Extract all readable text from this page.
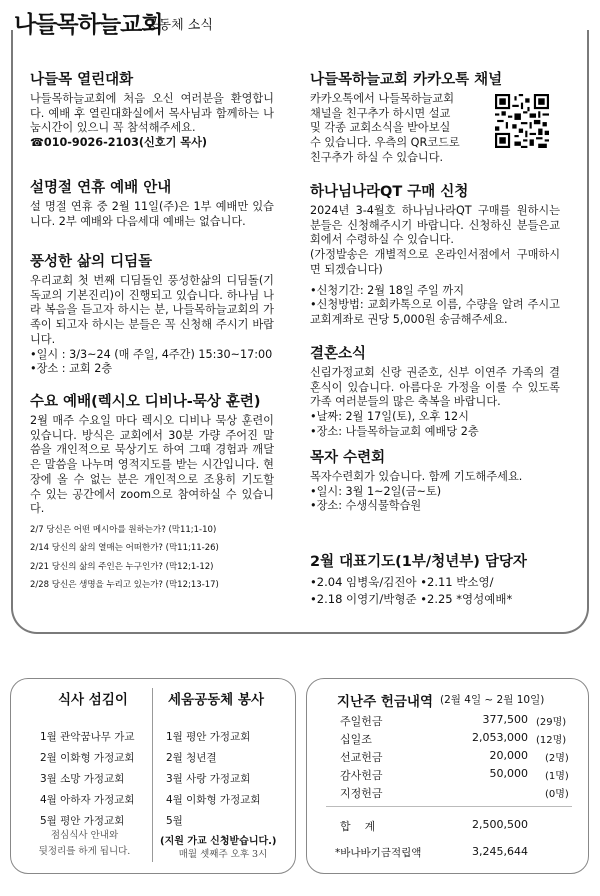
나들목하늘교회
공동체 소식
나들목 열린대화

나들목하늘교회에 처음 오신 여러분을 환영합니다. 예배 후 열린대화실에서 목사님과 함께하는 나눔시간이 있으니 꼭 참석해주세요.

☎010-9026-2103(신호기 목사)

설명절 연휴 예배 안내

설 명절 연휴 중 2월 11일(주)은 1부 예배만 있습니다. 2부 예배와 다음세대 예배는 없습니다.

풍성한 삶의 디딤돌

우리교회 첫 번째 디딤돌인 풍성한삶의 디딤돌(기독교의 기본진리)이 진행되고 있습니다. 하나님 나라 복음을 듣고자 하시는 분, 나들목하늘교회의 가족이 되고자 하시는 분들은 꼭 신청해 주시기 바랍니다.

•일시 : 3/3~24 (매 주일, 4주간) 15:30~17:00

•장소 : 교회 2층

수요 예배(렉시오 디비나-묵상 훈련)

2월 매주 수요일 마다 렉시오 디비나 묵상 훈련이 있습니다. 방식은 교회에서 30분 가량 주어진 말씀을 개인적으로 묵상기도 하여 그때 경험과 깨달은 말씀을 나누며 영적지도를 받는 시간입니다. 현장에 올 수 없는 분은 개인적으로 조용히 기도할 수 있는 공간에서 zoom으로 참여하실 수 있습니다.

2/7 당신은 어떤 메시아를 원하는가? (막11;1-10)
2/14 당신의 삶의 열매는 어떠한가? (막11;11-26)
2/21 당신의 삶의 주인은 누구인가? (막12;1-12)
2/28 당신은 생명을 누리고 있는가? (막12;13-17)
나들목하늘교회 카카오톡 채널

카카오톡에서 나들목하늘교회

채널을 친구추가 하시면 설교

및 각종 교회소식을 받아보실

수 있습니다. 우측의 QR코드로

친구추가 하실 수 있습니다.

하나님나라QT 구매 신청

2024년 3-4월호 하나님나라QT 구매를 원하시는 분들은 신청해주시기 바랍니다. 신청하신 분들은교회에서 수령하실 수 있습니다.

(가정발송은 개별적으로 온라인서점에서 구매하시면 되겠습니다)

•신청기간: 2월 18일 주일 까지

•신청방법: 교회카톡으로 이름, 수량을 알려 주시고 교회계좌로 권당 5,000원 송금해주세요.

결혼소식

신림가정교회 신랑 권준호, 신부 이연주 가족의 결혼식이 있습니다. 아름다운 가정을 이룰 수 있도록 가족 여러분들의 많은 축복을 바랍니다.

•날짜: 2월 17일(토), 오후 12시

•장소: 나들목하늘교회 예배당 2층

목자 수련회

목자수련회가 있습니다. 함께 기도해주세요.

•일시: 3월 1~2일(금~토)

•장소: 수생식물학습원

2월 대표기도(1부/청년부) 담당자

•2.04 임병욱/김진아 •2.11 박소영/

•2.18 이영기/박형준 •2.25 *영성예배*

식사 섬김이
1월 관악꿈나무 가교
2월 이화형 가정교회
3월 소망 가정교회
4월 아하자 가정교회
5월 평안 가정교회
점심식사 안내와
뒷정리를 하게 됩니다.
세움공동체 봉사
1월 평안 가정교회
2월 청년결
3월 사랑 가정교회
4월 이화형 가정교회
5월
(지원 가교 신청받습니다.)
매월 셋째주 오후 3시
지난주 헌금내역 (2월 4일 ~ 2월 10일)
주일헌금	377,500 (29명)
십일조	2,053,000 (12명)
선교헌금	20,000 (2명)
감사헌금	50,000 (1명)
지정헌금	(0명)
합    계	2,500,500
*바나바기금적립액	3,245,644
